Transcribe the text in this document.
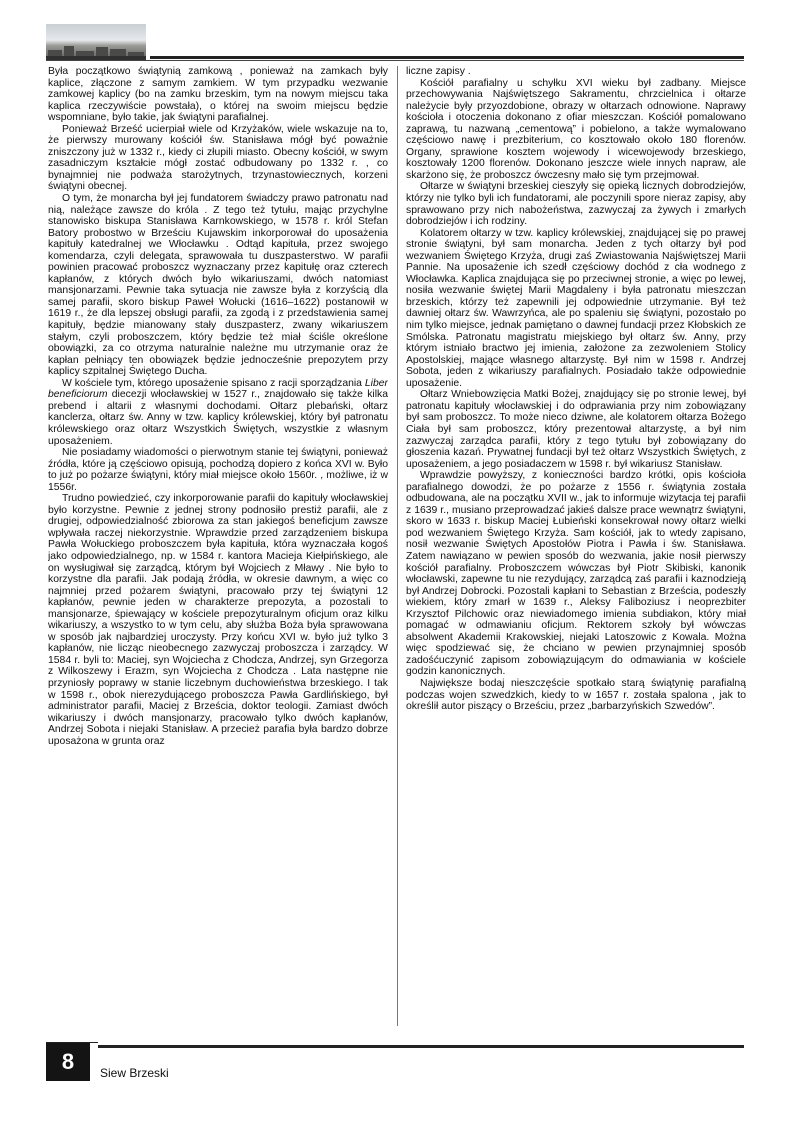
Była początkowo świątynią zamkową , ponieważ na zamkach były kaplice, złączone z samym zamkiem. W tym przypadku wezwanie zamkowej kaplicy (bo na zamku brzeskim, tym na nowym miejscu taka kaplica rzeczywiście powstała), o której na swoim miejscu będzie wspomniane, było takie, jak świątyni parafialnej.

Ponieważ Brześć ucierpiał wiele od Krzyżaków, wiele wskazuje na to, że pierwszy murowany kościół św. Stanisława mógł być poważnie zniszczony już w 1332 r., kiedy ci złupili miasto. Obecny kościół, w swym zasadniczym kształcie mógł zostać odbudowany po 1332 r. , co bynajmniej nie podważa starożytnych, trzynastowiecznych, korzeni świątyni obecnej.

O tym, że monarcha był jej fundatorem świadczy prawo patronatu nad nią, należące zawsze do króla . Z tego też tytułu, mając przychylne stanowisko biskupa Stanisława Karnkowskiego, w 1578 r. król Stefan Batory probostwo w Brześciu Kujawskim inkorporował do uposażenia kapituły katedralnej we Włocławku . Odtąd kapituła, przez swojego komendarza, czyli delegata, sprawowała tu duszpasterstwo. W parafii powinien pracować proboszcz wyznaczany przez kapitułę oraz czterech kapłanów, z których dwóch było wikariuszami, dwóch natomiast mansjonarzami. Pewnie taka sytuacja nie zawsze była z korzyścią dla samej parafii, skoro biskup Paweł Wołucki (1616–1622) postanowił w 1619 r., że dla lepszej obsługi parafii, za zgodą i z przedstawienia samej kapituły, będzie mianowany stały duszpasterz, zwany wikariuszem stałym, czyli proboszczem, który będzie też miał ściśle określone obowiązki, za co otrzyma naturalnie należne mu utrzymanie oraz że kapłan pełniący ten obowiązek będzie jednocześnie prepozytem przy kaplicy szpitalnej Świętego Ducha.

W kościele tym, którego uposażenie spisano z racji sporządzania Liber beneficiorum diecezji włocławskiej w 1527 r., znajdowało się także kilka prebend i altarii z własnymi dochodami. Ołtarz plebański, ołtarz kanclerza, ołtarz św. Anny w tzw. kaplicy królewskiej, który był patronatu królewskiego oraz ołtarz Wszystkich Świętych, wszystkie z własnym uposażeniem.

Nie posiadamy wiadomości o pierwotnym stanie tej świątyni, ponieważ źródła, które ją częściowo opisują, pochodzą dopiero z końca XVI w. Było to już po pożarze świątyni, który miał miejsce około 1560r. , możliwe, iż w 1556r.

Trudno powiedzieć, czy inkorporowanie parafii do kapituły włocławskiej było korzystne. Pewnie z jednej strony podnosiło prestiż parafii, ale z drugiej, odpowiedzialność zbiorowa za stan jakiegoś beneficjum zawsze wpływała raczej niekorzystnie. Wprawdzie przed zarządzeniem biskupa Pawła Wołuckiego proboszczem była kapituła, która wyznaczała kogoś jako odpowiedzialnego, np. w 1584 r. kantora Macieja Kiełpińskiego, ale on wysługiwał się zarządcą, którym był Wojciech z Mławy . Nie było to korzystne dla parafii. Jak podają źródła, w okresie dawnym, a więc co najmniej przed pożarem świątyni, pracowało przy tej świątyni 12 kapłanów, pewnie jeden w charakterze prepozyta, a pozostali to mansjonarze, śpiewający w kościele prepozyturalnym oficjum oraz kilku wikariuszy, a wszystko to w tym celu, aby służba Boża była sprawowana w sposób jak najbardziej uroczysty. Przy końcu XVI w. było już tylko 3 kapłanów, nie licząc nieobecnego zazwyczaj proboszcza i zarządcy. W 1584 r. byli to: Maciej, syn Wojciecha z Chodcza, Andrzej, syn Grzegorza z Wilkoszewy i Erazm, syn Wojciecha z Chodcza . Lata następne nie przyniosły poprawy w stanie liczebnym duchowieństwa brzeskiego. I tak w 1598 r., obok nierezydującego proboszcza Pawła Gardlińskiego, był administrator parafii, Maciej z Brześcia, doktor teologii. Zamiast dwóch wikariuszy i dwóch mansjonarzy, pracowało tylko dwóch kapłanów, Andrzej Sobota i niejaki Stanisław. A przecież parafia była bardzo dobrze uposażona w grunta oraz

liczne zapisy .

Kościół parafialny u schyłku XVI wieku był zadbany. Miejsce przechowywania Najświętszego Sakramentu, chrzcielnica i ołtarze należycie były przyozdobione, obrazy w ołtarzach odnowione. Naprawy kościoła i otoczenia dokonano z ofiar mieszczan. Kościół pomalowano zaprawą, tu nazwaną „cementową” i pobielono, a także wymalowano częściowo nawę i prezbiterium, co kosztowało około 180 florenów. Organy, sprawione kosztem wojewody i wicewojewody brzeskiego, kosztowały 1200 florenów. Dokonano jeszcze wiele innych napraw, ale skarżono się, że proboszcz ówczesny mało się tym przejmował.

Ołtarze w świątyni brzeskiej cieszyły się opieką licznych dobrodziejów, którzy nie tylko byli ich fundatorami, ale poczynili spore nieraz zapisy, aby sprawowano przy nich nabożeństwa, zazwyczaj za żywych i zmarłych dobrodziejów i ich rodziny.

Kolatorem ołtarzy w tzw. kaplicy królewskiej, znajdującej się po prawej stronie świątyni, był sam monarcha. Jeden z tych ołtarzy był pod wezwaniem Świętego Krzyża, drugi zaś Zwiastowania Najświętszej Marii Pannie. Na uposażenie ich szedł częściowy dochód z cła wodnego z Włocławka. Kaplica znajdująca się po przeciwnej stronie, a więc po lewej, nosiła wezwanie świętej Marii Magdaleny i była patronatu mieszczan brzeskich, którzy też zapewnili jej odpowiednie utrzymanie. Był też dawniej ołtarz św. Wawrzyńca, ale po spaleniu się świątyni, pozostało po nim tylko miejsce, jednak pamiętano o dawnej fundacji przez Kłobskich ze Smólska. Patronatu magistratu miejskiego był ołtarz św. Anny, przy którym istniało bractwo jej imienia, założone za zezwoleniem Stolicy Apostolskiej, mające własnego altarzystę. Był nim w 1598 r. Andrzej Sobota, jeden z wikariuszy parafialnych. Posiadało także odpowiednie uposażenie.

Ołtarz Wniebowzięcia Matki Bożej, znajdujący się po stronie lewej, był patronatu kapituły włocławskiej i do odprawiania przy nim zobowiązany był sam proboszcz. To może nieco dziwne, ale kolatorem ołtarza Bożego Ciała był sam proboszcz, który prezentował altarzystę, a był nim zazwyczaj zarządca parafii, który z tego tytułu był zobowiązany do głoszenia kazań. Prywatnej fundacji był też ołtarz Wszystkich Świętych, z uposażeniem, a jego posiadaczem w 1598 r. był wikariusz Stanisław.

Wprawdzie powyższy, z konieczności bardzo krótki, opis kościoła parafialnego dowodzi, że po pożarze z 1556 r. świątynia została odbudowana, ale na początku XVII w., jak to informuje wizytacja tej parafii z 1639 r., musiano przeprowadzać jakieś dalsze prace wewnątrz świątyni, skoro w 1633 r. biskup Maciej Łubieński konsekrował nowy ołtarz wielki pod wezwaniem Świętego Krzyża. Sam kościół, jak to wtedy zapisano, nosił wezwanie Świętych Apostołów Piotra i Pawła i św. Stanisława. Zatem nawiązano w pewien sposób do wezwania, jakie nosił pierwszy kościół parafialny. Proboszczem wówczas był Piotr Skibiski, kanonik włocławski, zapewne tu nie rezydujący, zarządcą zaś parafii i kaznodzieją był Andrzej Dobrocki. Pozostali kapłani to Sebastian z Brześcia, podeszły wiekiem, który zmarł w 1639 r., Aleksy Faliboziusz i neoprezbiter Krzysztof Pilchowic oraz niewiadomego imienia subdiakon, który miał pomagać w odmawianiu oficjum. Rektorem szkoły był wówczas absolwent Akademii Krakowskiej, niejaki Latoszowic z Kowala. Można więc spodziewać się, że chciano w pewien przynajmniej sposób zadośćuczynić zapisom zobowiązującym do odmawiania w kościele godzin kanonicznych.

Największe bodaj nieszczęście spotkało starą świątynię parafialną podczas wojen szwedzkich, kiedy to w 1657 r. została spalona , jak to określił autor piszący o Brześciu, przez „barbarzyńskich Szwedów”.

8	Siew Brzeski
